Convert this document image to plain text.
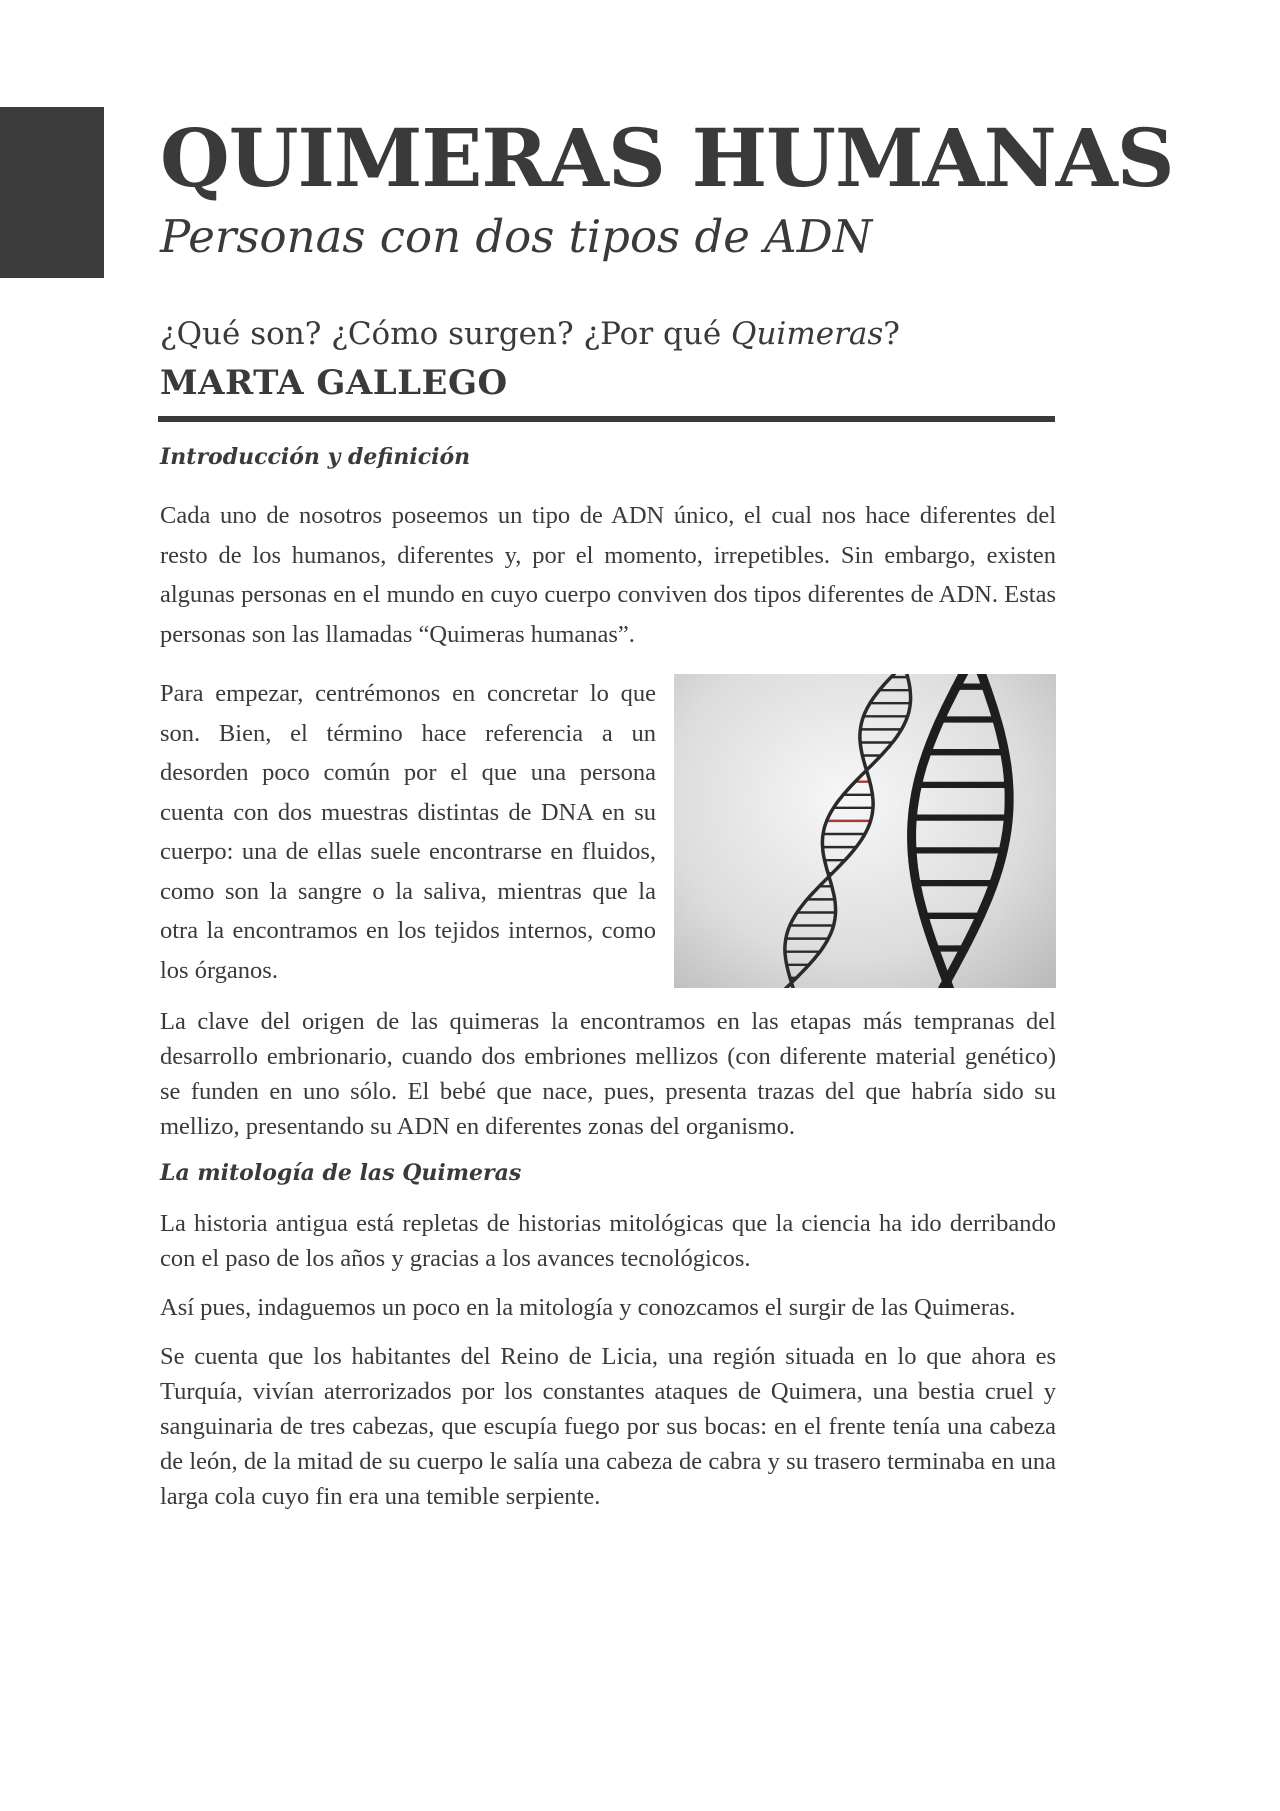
QUIMERAS HUMANAS
Personas con dos tipos de ADN
¿Qué son? ¿Cómo surgen? ¿Por qué Quimeras?
MARTA GALLEGO
Introducción y definición

Cada uno de nosotros poseemos un tipo de ADN único, el cual nos hace diferentes del resto de los humanos, diferentes y, por el momento, irrepetibles. Sin embargo, existen algunas personas en el mundo en cuyo cuerpo conviven dos tipos diferentes de ADN. Estas personas son las llamadas “Quimeras humanas”.

Para empezar, centrémonos en concretar lo que son. Bien, el término hace referencia a un desorden poco común por el que una persona cuenta con dos muestras distintas de DNA en su cuerpo: una de ellas suele encontrarse en fluidos, como son la sangre o la saliva, mientras que la otra la encontramos en los tejidos internos, como los órganos.

La clave del origen de las quimeras la encontramos en las etapas más tempranas del desarrollo embrionario, cuando dos embriones mellizos (con diferente material genético) se funden en uno sólo. El bebé que nace, pues, presenta trazas del que habría sido su mellizo, presentando su ADN en diferentes zonas del organismo.

La mitología de las Quimeras

La historia antigua está repletas de historias mitológicas que la ciencia ha ido derribando con el paso de los años y gracias a los avances tecnológicos.

Así pues, indaguemos un poco en la mitología y conozcamos el surgir de las Quimeras.

Se cuenta que los habitantes del Reino de Licia, una región situada en lo que ahora es Turquía, vivían aterrorizados por los constantes ataques de Quimera, una bestia cruel y sanguinaria de tres cabezas, que escupía fuego por sus bocas: en el frente tenía una cabeza de león, de la mitad de su cuerpo le salía una cabeza de cabra y su trasero terminaba en una larga cola cuyo fin era una temible serpiente.
